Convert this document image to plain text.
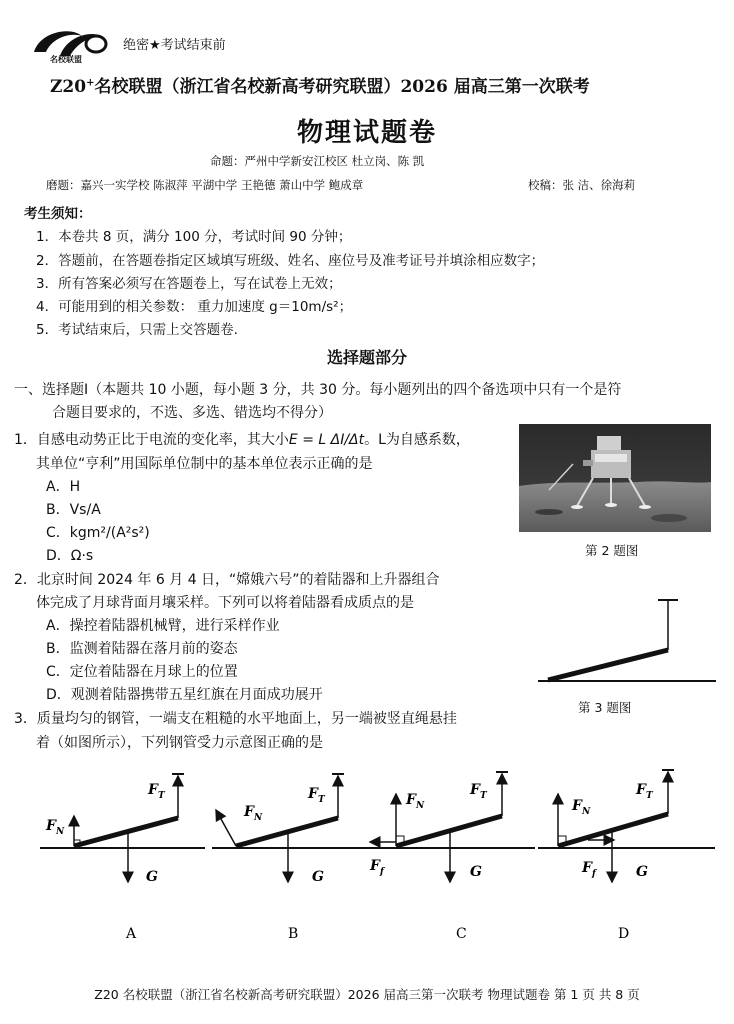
名校联盟
绝密★考试结束前
Z20+名校联盟（浙江省名校新高考研究联盟）2026 届高三第一次联考
物理试题卷
命题：严州中学新安江校区 杜立岗、陈 凯
磨题：嘉兴一实学校 陈淑萍 平湖中学 王艳德 萧山中学 鲍成章	校稿：张 洁、徐海莉
考生须知：
1．本卷共 8 页，满分 100 分，考试时间 90 分钟；
2．答题前，在答题卷指定区域填写班级、姓名、座位号及准考证号并填涂相应数字；
3．所有答案必须写在答题卷上，写在试卷上无效；
4．可能用到的相关参数： 重力加速度 g＝10m/s²；
5．考试结束后，只需上交答题卷.
选择题部分
一、选择题Ⅰ（本题共 10 小题，每小题 3 分，共 30 分。每小题列出的四个备选项中只有一个是符
合题目要求的，不选、多选、错选均不得分）
1．自感电动势正比于电流的变化率，其大小E = L ΔI/Δt。L为自感系数，
其单位“亨利”用国际单位制中的基本单位表示正确的是
A．H
B．Vs/A
C．kgm²/(A²s²)
D．Ω·s	第 2 题图
2．北京时间 2024 年 6 月 4 日，“嫦娥六号”的着陆器和上升器组合
体完成了月球背面月壤采样。下列可以将着陆器看成质点的是
A．操控着陆器机械臂，进行采样作业
B．监测着陆器在落月前的姿态
C．定位着陆器在月球上的位置
D．观测着陆器携带五星红旗在月面成功展开
第 3 题图
3．质量均匀的钢管，一端支在粗糙的水平地面上，另一端被竖直绳悬挂
着（如图所示），下列钢管受力示意图正确的是
$F_T$
$F_N$
G
A
$F_T$
$F_N$
G
B
$F_T$
$F_N$
$F_f$	G
C
$F_T$
$F_N$
$F_f$	G
D
Z20 名校联盟（浙江省名校新高考研究联盟）2026 届高三第一次联考 物理试题卷 第 1 页 共 8 页
